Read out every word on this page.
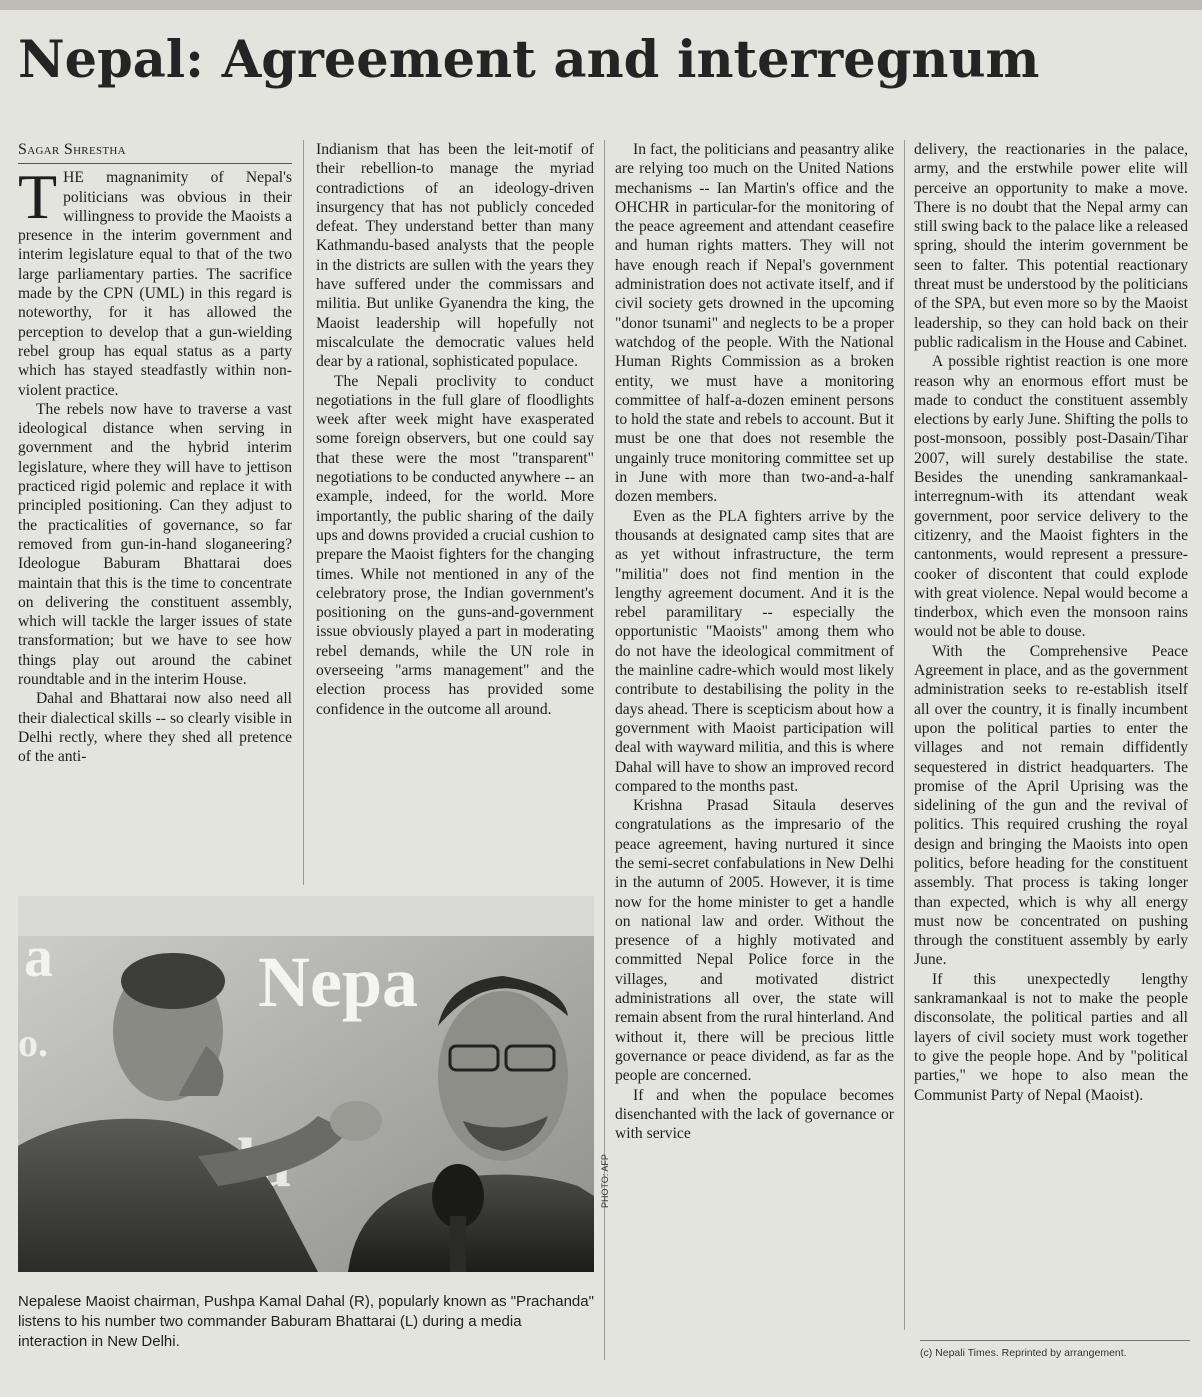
Nepal: Agreement and interregnum
Sagar Shrestha
T HE magnanimity of Nepal's politicians was obvious in their willingness to provide the Maoists a presence in the interim government and interim legislature equal to that of the two large parliamentary parties. The sacrifice made by the CPN (UML) in this regard is noteworthy, for it has allowed the perception to develop that a gun-wielding rebel group has equal status as a party which has stayed steadfastly within non-violent practice.

The rebels now have to traverse a vast ideological distance when serving in government and the hybrid interim legislature, where they will have to jettison practiced rigid polemic and replace it with principled positioning. Can they adjust to the practicalities of governance, so far removed from gun-in-hand sloganeering? Ideologue Baburam Bhattarai does maintain that this is the time to concentrate on delivering the constituent assembly, which will tackle the larger issues of state transformation; but we have to see how things play out around the cabinet roundtable and in the interim House.

Dahal and Bhattarai now also need all their dialectical skills -- so clearly visible in Delhi rectly, where they shed all pretence of the anti-

Indianism that has been the leit-motif of their rebellion-to manage the myriad contradictions of an ideology-driven insurgency that has not publicly conceded defeat. They understand better than many Kathmandu-based analysts that the people in the districts are sullen with the years they have suffered under the commissars and militia. But unlike Gyanendra the king, the Maoist leadership will hopefully not miscalculate the democratic values held dear by a rational, sophisticated populace.

The Nepali proclivity to conduct negotiations in the full glare of floodlights week after week might have exasperated some foreign observers, but one could say that these were the most "transparent" negotiations to be conducted anywhere -- an example, indeed, for the world. More importantly, the public sharing of the daily ups and downs provided a crucial cushion to prepare the Maoist fighters for the changing times. While not mentioned in any of the celebratory prose, the Indian government's positioning on the guns-and-government issue obviously played a part in moderating rebel demands, while the UN role in overseeing "arms management" and the election process has provided some confidence in the outcome all around.

In fact, the politicians and peasantry alike are relying too much on the United Nations mechanisms -- Ian Martin's office and the OHCHR in particular-for the monitoring of the peace agreement and attendant ceasefire and human rights matters. They will not have enough reach if Nepal's government administration does not activate itself, and if civil society gets drowned in the upcoming "donor tsunami" and neglects to be a proper watchdog of the people. With the National Human Rights Commission as a broken entity, we must have a monitoring committee of half-a-dozen eminent persons to hold the state and rebels to account. But it must be one that does not resemble the ungainly truce monitoring committee set up in June with more than two-and-a-half dozen members.

Even as the PLA fighters arrive by the thousands at designated camp sites that are as yet without infrastructure, the term "militia" does not find mention in the lengthy agreement document. And it is the rebel paramilitary -- especially the opportunistic "Maoists" among them who do not have the ideological commitment of the mainline cadre-which would most likely contribute to destabilising the polity in the days ahead. There is scepticism about how a government with Maoist participation will deal with wayward militia, and this is where Dahal will have to show an improved record compared to the months past.

Krishna Prasad Sitaula deserves congratulations as the impresario of the peace agreement, having nurtured it since the semi-secret confabulations in New Delhi in the autumn of 2005. However, it is time now for the home minister to get a handle on national law and order. Without the presence of a highly motivated and committed Nepal Police force in the villages, and motivated district administrations all over, the state will remain absent from the rural hinterland. And without it, there will be precious little governance or peace dividend, as far as the people are concerned.

If and when the populace becomes disenchanted with the lack of governance or with service

delivery, the reactionaries in the palace, army, and the erstwhile power elite will perceive an opportunity to make a move. There is no doubt that the Nepal army can still swing back to the palace like a released spring, should the interim government be seen to falter. This potential reactionary threat must be understood by the politicians of the SPA, but even more so by the Maoist leadership, so they can hold back on their public radicalism in the House and Cabinet.

A possible rightist reaction is one more reason why an enormous effort must be made to conduct the constituent assembly elections by early June. Shifting the polls to post-monsoon, possibly post-Dasain/Tihar 2007, will surely destabilise the state. Besides the unending sankramankaal-interregnum-with its attendant weak government, poor service delivery to the citizenry, and the Maoist fighters in the cantonments, would represent a pressure-cooker of discontent that could explode with great violence. Nepal would become a tinderbox, which even the monsoon rains would not be able to douse.

With the Comprehensive Peace Agreement in place, and as the government administration seeks to re-establish itself all over the country, it is finally incumbent upon the political parties to enter the villages and not remain diffidently sequestered in district headquarters. The promise of the April Uprising was the sidelining of the gun and the revival of politics. This required crushing the royal design and bringing the Maoists into open politics, before heading for the constituent assembly. That process is taking longer than expected, which is why all energy must now be concentrated on pushing through the constituent assembly by early June.

If this unexpectedly lengthy sankramankaal is not to make the people disconsolate, the political parties and all layers of civil society must work together to give the people hope. And by "political parties," we hope to also mean the Communist Party of Nepal (Maoist).

a	Nepa
o.
PHOTO: AFP
Nepalese Maoist chairman, Pushpa Kamal Dahal (R), popularly known as "Prachanda" listens to his number two commander Baburam Bhattarai (L) during a media interaction in New Delhi.
(c) Nepali Times. Reprinted by arrangement.
